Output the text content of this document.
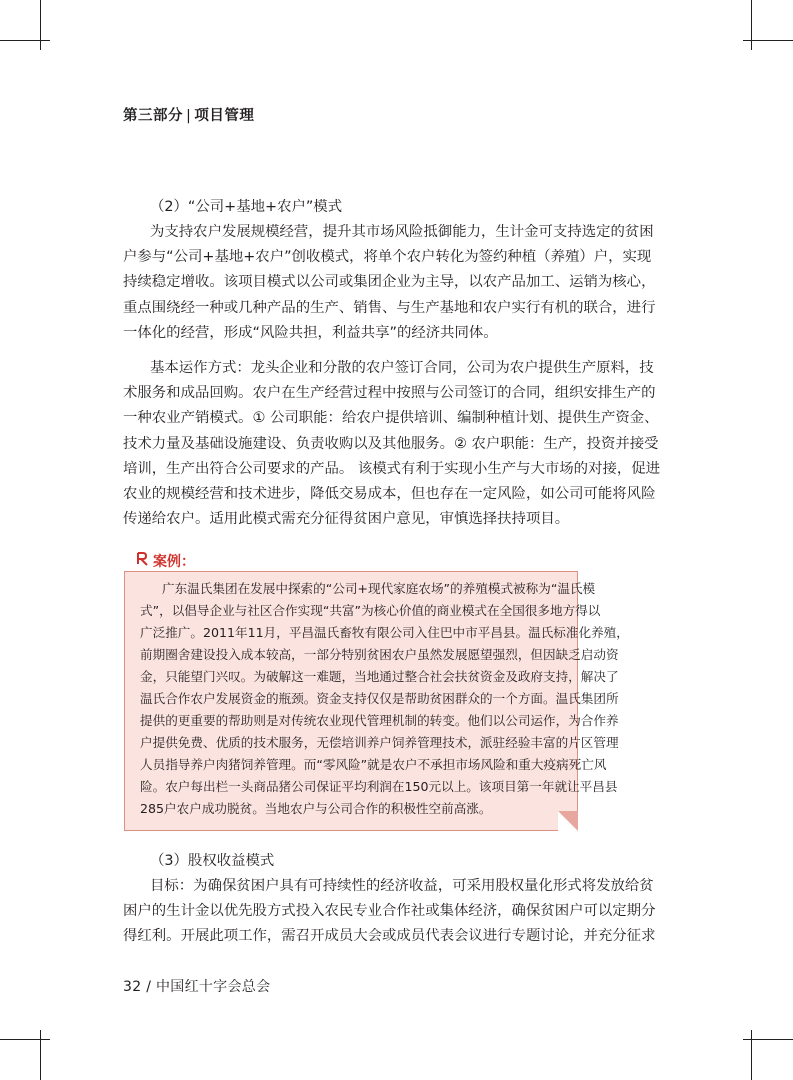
第三部分 | 项目管理
（2）“公司+基地+农户”模式
为支持农户发展规模经营，提升其市场风险抵御能力，生计金可支持选定的贫困
户参与“公司+基地+农户”创收模式，将单个农户转化为签约种植（养殖）户，实现
持续稳定增收。该项目模式以公司或集团企业为主导，以农产品加工、运销为核心，
重点围绕经一种或几种产品的生产、销售、与生产基地和农户实行有机的联合，进行
一体化的经营，形成“风险共担，利益共享”的经济共同体。
基本运作方式：龙头企业和分散的农户签订合同，公司为农户提供生产原料，技
术服务和成品回购。农户在生产经营过程中按照与公司签订的合同，组织安排生产的
一种农业产销模式。① 公司职能：给农户提供培训、编制种植计划、提供生产资金、
技术力量及基础设施建设、负责收购以及其他服务。② 农户职能：生产，投资并接受
培训，生产出符合公司要求的产品。 该模式有利于实现小生产与大市场的对接，促进
农业的规模经营和技术进步，降低交易成本，但也存在一定风险，如公司可能将风险
传递给农户。适用此模式需充分征得贫困户意见，审慎选择扶持项目。
案例：
广东温氏集团在发展中探索的“公司+现代家庭农场”的养殖模式被称为“温氏模
式”，以倡导企业与社区合作实现“共富”为核心价值的商业模式在全国很多地方得以
广泛推广。2011年11月，平昌温氏畜牧有限公司入住巴中市平昌县。温氏标准化养殖，
前期圈舍建设投入成本较高，一部分特别贫困农户虽然发展愿望强烈，但因缺乏启动资
金，只能望门兴叹。为破解这一难题，当地通过整合社会扶贫资金及政府支持，解决了
温氏合作农户发展资金的瓶颈。资金支持仅仅是帮助贫困群众的一个方面。温氏集团所
提供的更重要的帮助则是对传统农业现代管理机制的转变。他们以公司运作，为合作养
户提供免费、优质的技术服务，无偿培训养户饲养管理技术，派驻经验丰富的片区管理
人员指导养户肉猪饲养管理。而“零风险”就是农户不承担市场风险和重大疫病死亡风
险。农户每出栏一头商品猪公司保证平均利润在150元以上。该项目第一年就让平昌县
285户农户成功脱贫。当地农户与公司合作的积极性空前高涨。
（3）股权收益模式
目标：为确保贫困户具有可持续性的经济收益，可采用股权量化形式将发放给贫
困户的生计金以优先股方式投入农民专业合作社或集体经济，确保贫困户可以定期分
得红利。开展此项工作，需召开成员大会或成员代表会议进行专题讨论，并充分征求
32 / 中国红十字会总会
